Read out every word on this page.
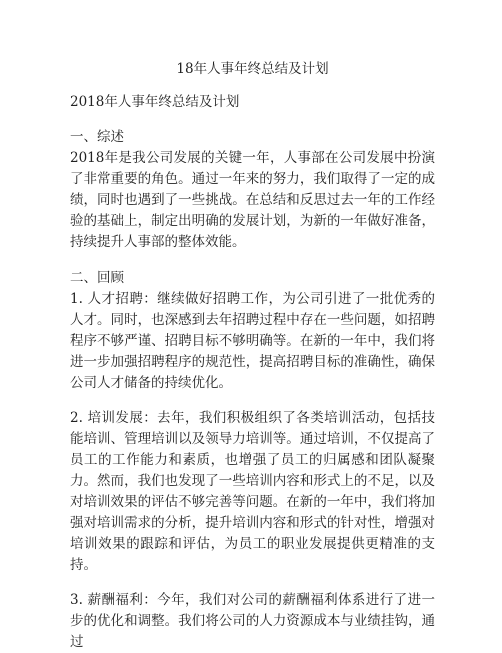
18年人事年终总结及计划

2018年人事年终总结及计划

一、综述

2018年是我公司发展的关键一年，人事部在公司发展中扮演了非常重要的角色。通过一年来的努力，我们取得了一定的成绩，同时也遇到了一些挑战。在总结和反思过去一年的工作经验的基础上，制定出明确的发展计划，为新的一年做好准备，持续提升人事部的整体效能。

二、回顾

1. 人才招聘：继续做好招聘工作，为公司引进了一批优秀的人才。同时，也深感到去年招聘过程中存在一些问题，如招聘程序不够严谨、招聘目标不够明确等。在新的一年中，我们将进一步加强招聘程序的规范性，提高招聘目标的准确性，确保公司人才储备的持续优化。

2. 培训发展：去年，我们积极组织了各类培训活动，包括技能培训、管理培训以及领导力培训等。通过培训，不仅提高了员工的工作能力和素质，也增强了员工的归属感和团队凝聚力。然而，我们也发现了一些培训内容和形式上的不足，以及对培训效果的评估不够完善等问题。在新的一年中，我们将加强对培训需求的分析，提升培训内容和形式的针对性，增强对培训效果的跟踪和评估，为员工的职业发展提供更精准的支持。

3. 薪酬福利：今年，我们对公司的薪酬福利体系进行了进一步的优化和调整。我们将公司的人力资源成本与业绩挂钩，通过
